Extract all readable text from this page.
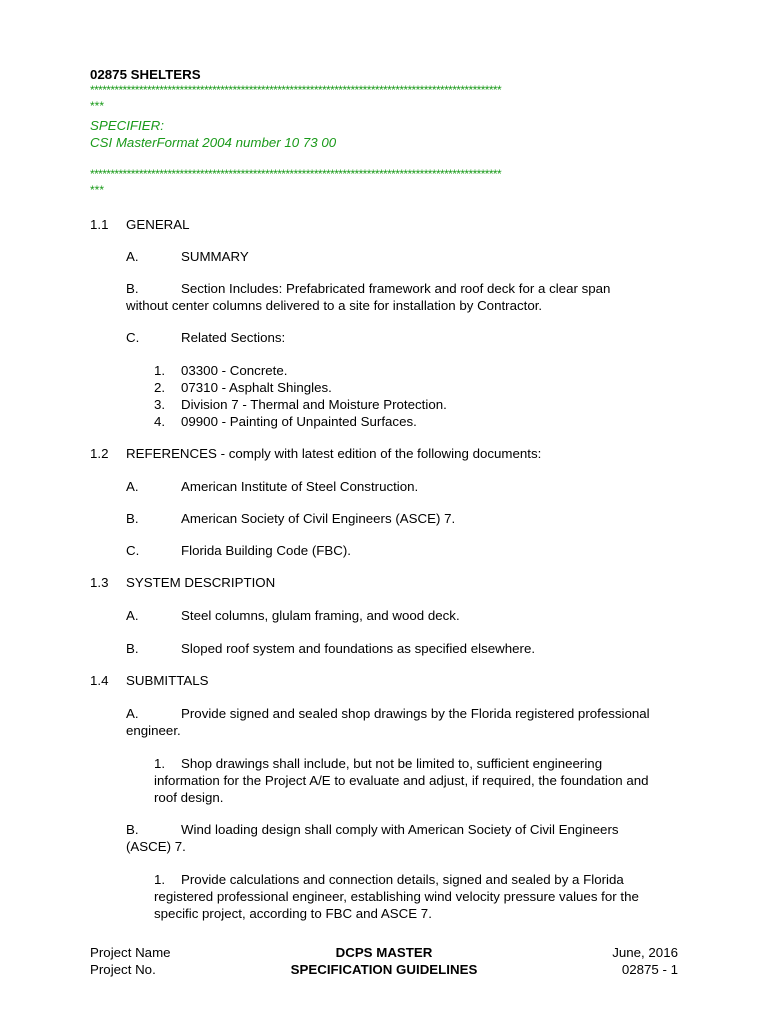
02875 SHELTERS
*****************************************************************************************************
***
SPECIFIER:
CSI MasterFormat 2004 number 10 73 00
*****************************************************************************************************
***
1.1 GENERAL
A.	SUMMARY
B.	Section Includes: Prefabricated framework and roof deck for a clear span
without center columns delivered to a site for installation by Contractor.
C.	Related Sections:
1. 03300 - Concrete.
2. 07310 - Asphalt Shingles.
3. Division 7 - Thermal and Moisture Protection.
4. 09900 - Painting of Unpainted Surfaces.
1.2 REFERENCES - comply with latest edition of the following documents:
A.	American Institute of Steel Construction.
B.	American Society of Civil Engineers (ASCE) 7.
C.	Florida Building Code (FBC).
1.3 SYSTEM DESCRIPTION
A.	Steel columns, glulam framing, and wood deck.
B.	Sloped roof system and foundations as specified elsewhere.
1.4 SUBMITTALS
A.	Provide signed and sealed shop drawings by the Florida registered professional
engineer.
1. Shop drawings shall include, but not be limited to, sufficient engineering
information for the Project A/E to evaluate and adjust, if required, the foundation and
roof design.
B.	Wind loading design shall comply with American Society of Civil Engineers
(ASCE) 7.
1. Provide calculations and connection details, signed and sealed by a Florida
registered professional engineer, establishing wind velocity pressure values for the
specific project, according to FBC and ASCE 7.
Project Name
Project No.
DCPS MASTER
SPECIFICATION GUIDELINES
June, 2016
02875 - 1
